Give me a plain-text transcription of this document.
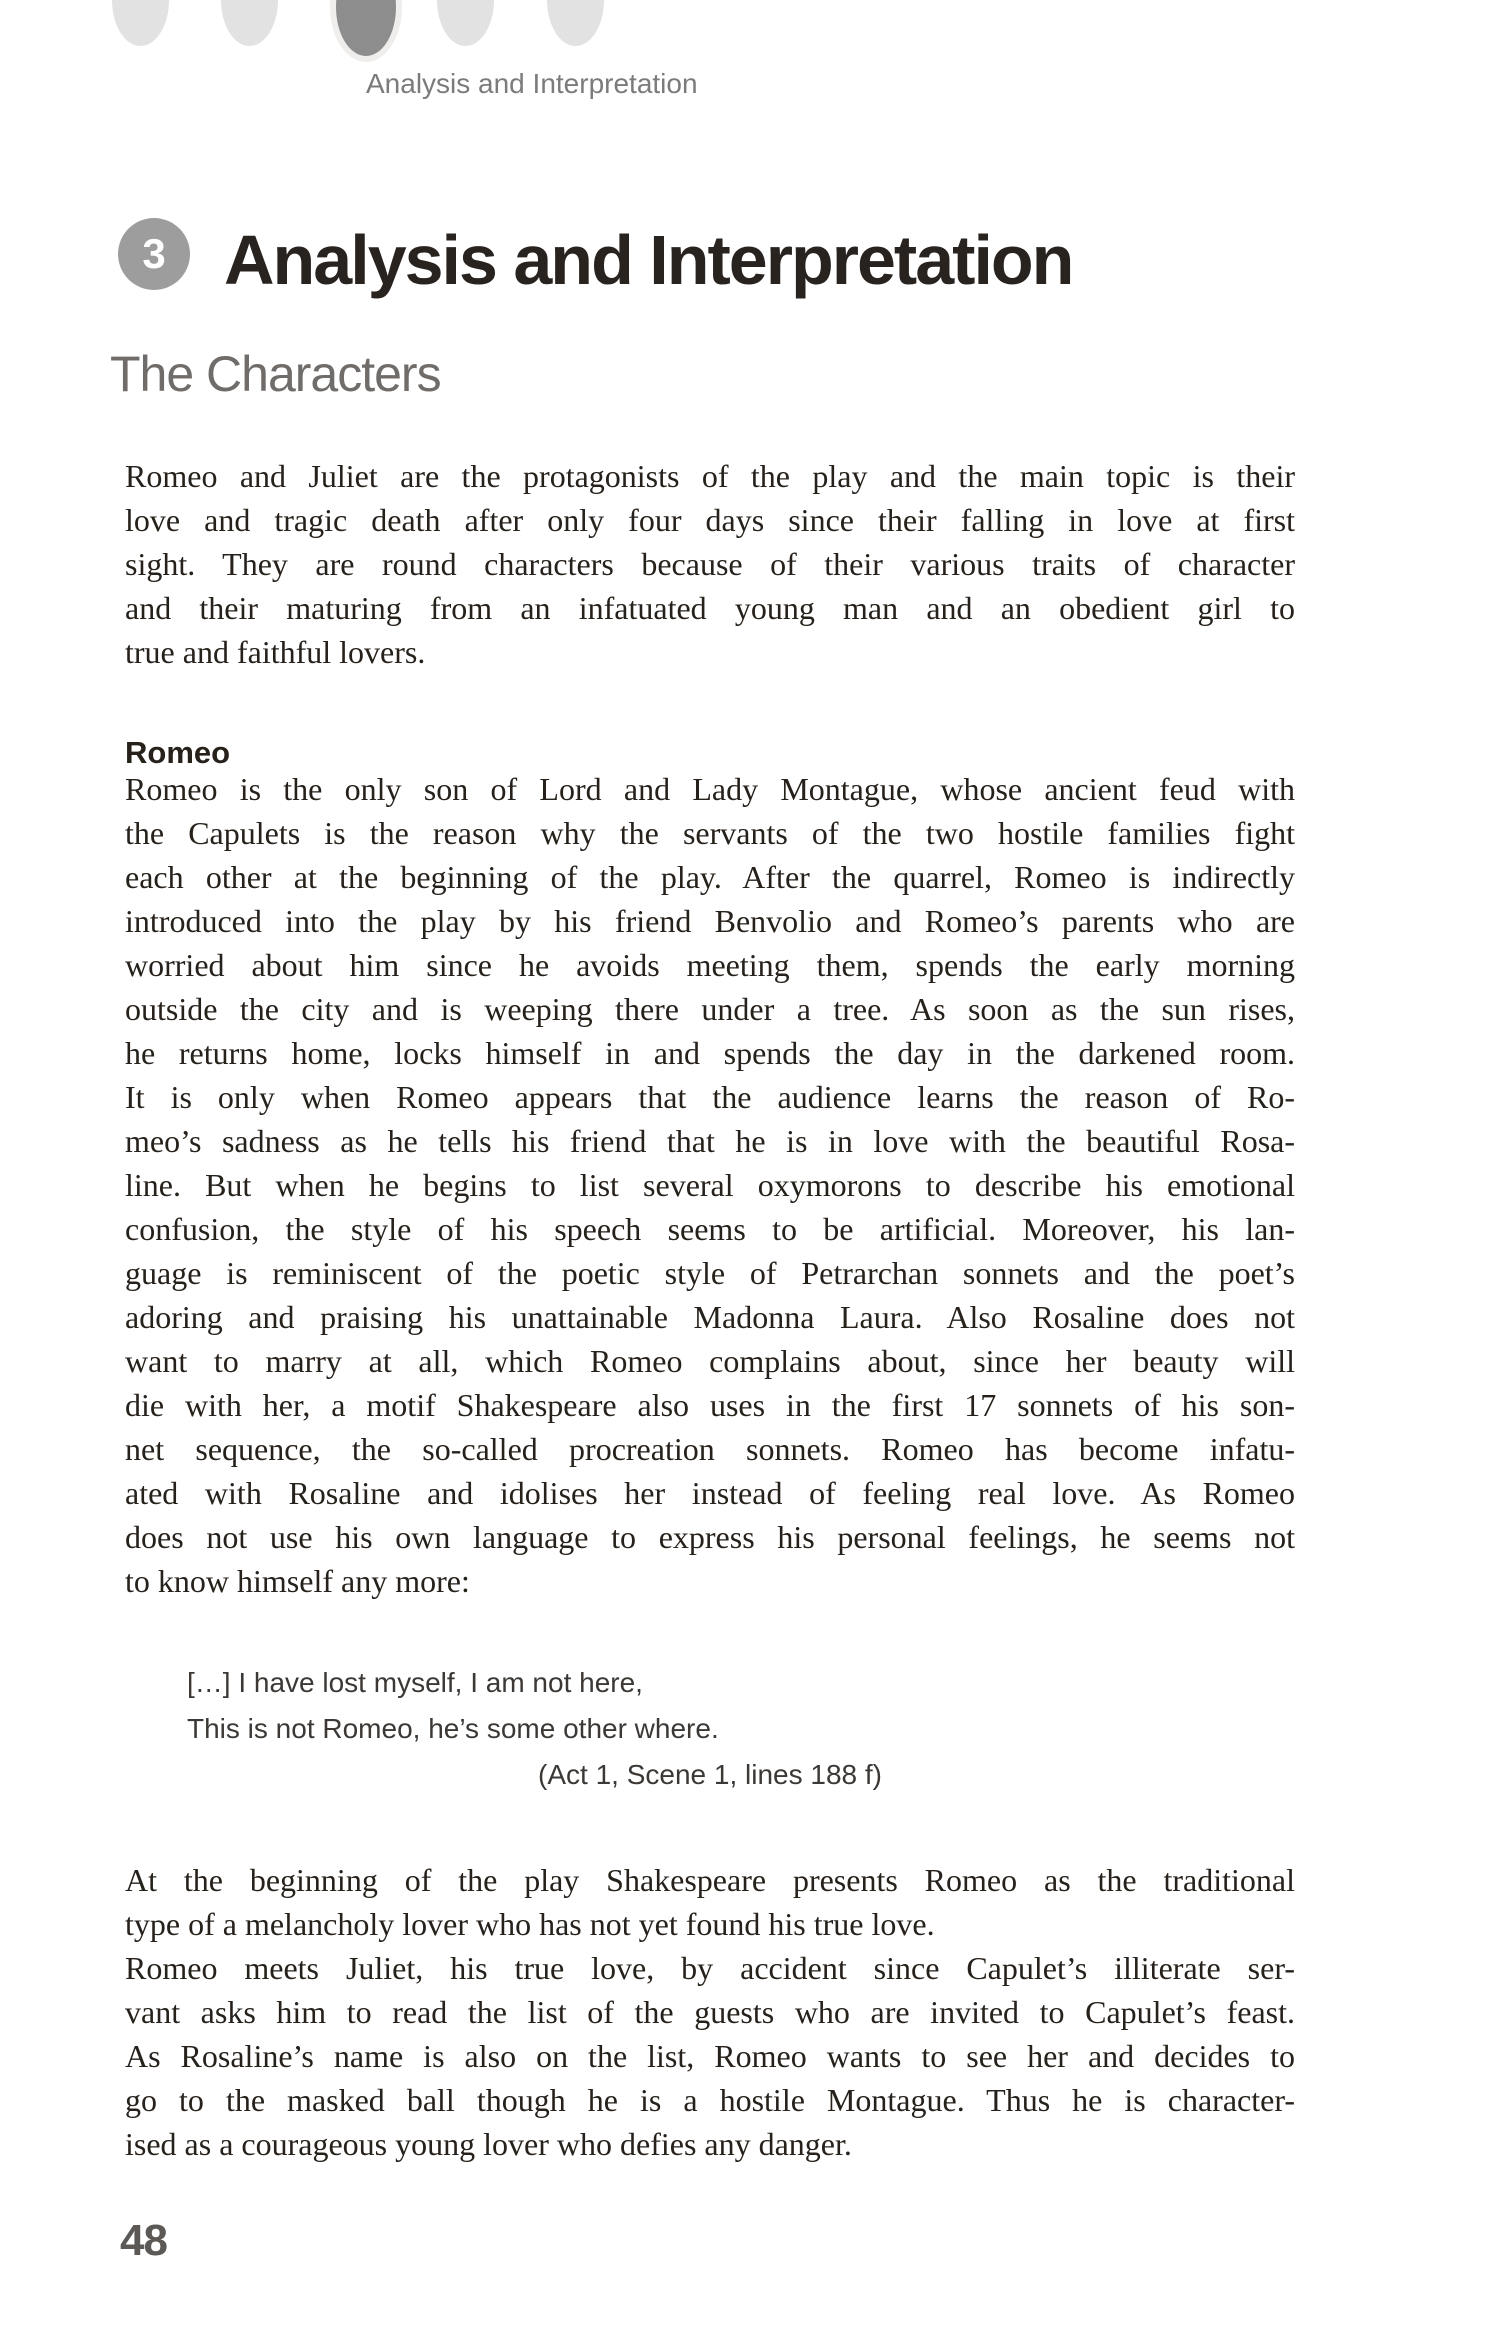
Analysis and Interpretation
3 Analysis and Interpretation
The Characters
Romeo and Juliet are the protagonists of the play and the main topic is their
love and tragic death after only four days since their falling in love at first
sight. They are round characters because of their various traits of character
and their maturing from an infatuated young man and an obedient girl to
true and faithful lovers.
Romeo
Romeo is the only son of Lord and Lady Montague, whose ancient feud with
the Capulets is the reason why the servants of the two hostile families fight
each other at the beginning of the play. After the quarrel, Romeo is indirectly
introduced into the play by his friend Benvolio and Romeo’s parents who are
worried about him since he avoids meeting them, spends the early morning
outside the city and is weeping there under a tree. As soon as the sun rises,
he returns home, locks himself in and spends the day in the darkened room.
It is only when Romeo appears that the audience learns the reason of Ro-
meo’s sadness as he tells his friend that he is in love with the beautiful Rosa-
line. But when he begins to list several oxymorons to describe his emotional
confusion, the style of his speech seems to be artificial. Moreover, his lan-
guage is reminiscent of the poetic style of Petrarchan sonnets and the poet’s
adoring and praising his unattainable Madonna Laura. Also Rosaline does not
want to marry at all, which Romeo complains about, since her beauty will
die with her, a motif Shakespeare also uses in the first 17 sonnets of his son-
net sequence, the so-called procreation sonnets. Romeo has become infatu-
ated with Rosaline and idolises her instead of feeling real love. As Romeo
does not use his own language to express his personal feelings, he seems not
to know himself any more:
[…] I have lost myself, I am not here,
This is not Romeo, he’s some other where.
(Act 1, Scene 1, lines 188 f)
At the beginning of the play Shakespeare presents Romeo as the traditional
type of a melancholy lover who has not yet found his true love.
Romeo meets Juliet, his true love, by accident since Capulet’s illiterate ser-
vant asks him to read the list of the guests who are invited to Capulet’s feast.
As Rosaline’s name is also on the list, Romeo wants to see her and decides to
go to the masked ball though he is a hostile Montague. Thus he is character-
ised as a courageous young lover who defies any danger.
48
